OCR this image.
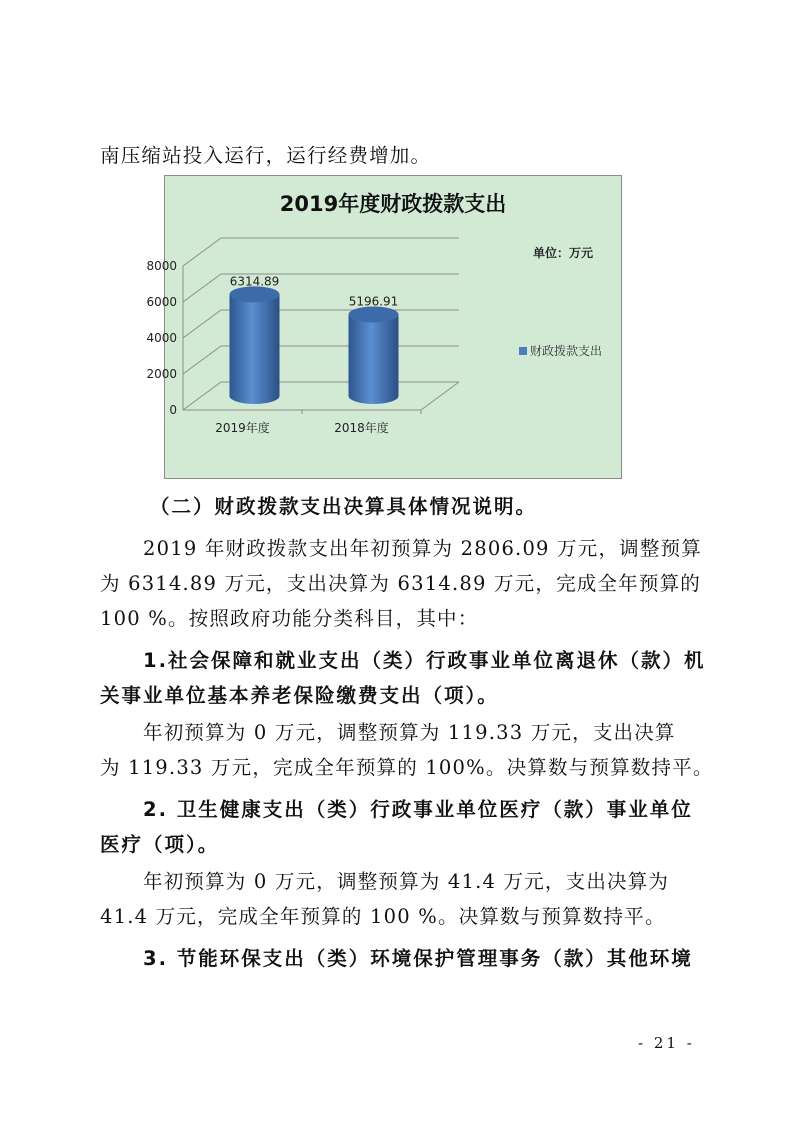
南压缩站投入运行，运行经费增加。
0
2000
4000
6000
8000
6314.89
2019年度
5196.91
2018年度
2019年度财政拨款支出
单位：万元
财政拨款支出
（二）财政拨款支出决算具体情况说明。
2019 年财政拨款支出年初预算为 2806.09 万元，调整预算
为 6314.89 万元，支出决算为 6314.89 万元，完成全年预算的
100 %。按照政府功能分类科目，其中：
1.社会保障和就业支出（类）行政事业单位离退休（款）机
关事业单位基本养老保险缴费支出（项）。
年初预算为 0 万元，调整预算为 119.33 万元，支出决算
为 119.33 万元，完成全年预算的 100%。决算数与预算数持平。
2. 卫生健康支出（类）行政事业单位医疗（款）事业单位
医疗（项）。
年初预算为 0 万元，调整预算为 41.4 万元，支出决算为
41.4 万元，完成全年预算的 100 %。决算数与预算数持平。
3. 节能环保支出（类）环境保护管理事务（款）其他环境
- 21 -
